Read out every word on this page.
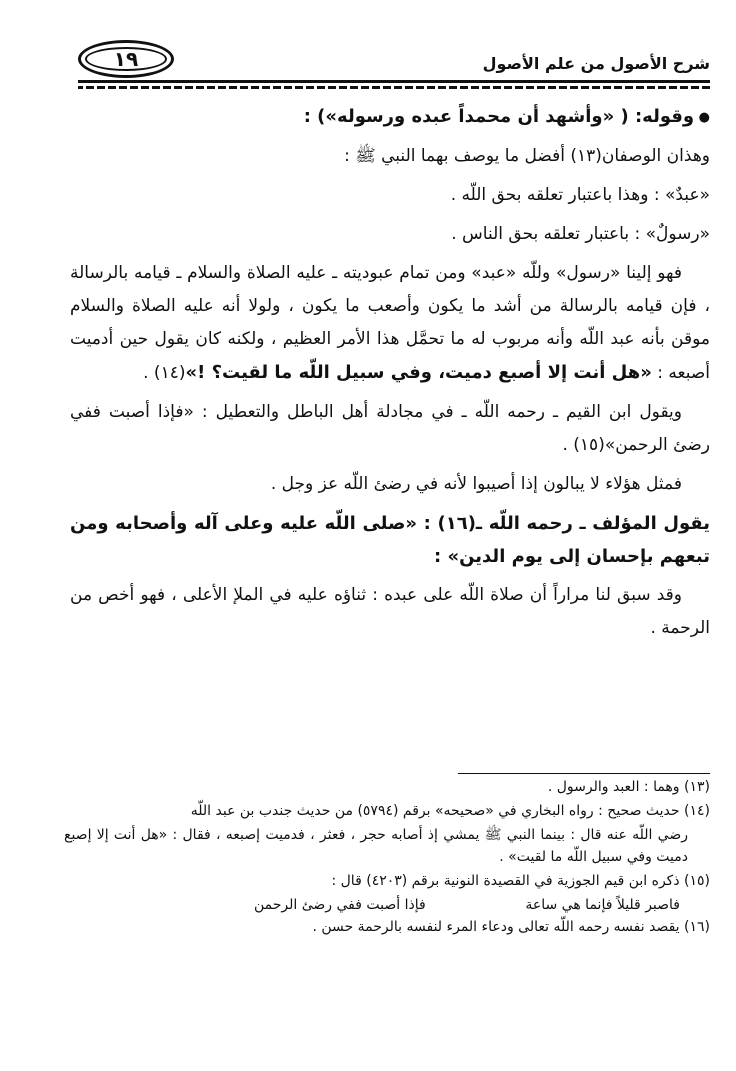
١٩	شرح الأصول من علم الأصول

● وقوله: ( «وأشهد أن محمداً عبده ورسوله») :

وهذان الوصفان(١٣) أفضل ما يوصف بهما النبي ﷺ :

«عبدٌ» : وهذا باعتبار تعلقه بحق اللّه .

«رسولٌ» : باعتبار تعلقه بحق الناس .

فهو إلينا «رسول» وللّه «عبد» ومن تمام عبوديته ـ عليه الصلاة والسلام ـ قيامه بالرسالة ، فإن قيامه بالرسالة من أشد ما يكون وأصعب ما يكون ، ولولا أنه عليه الصلاة والسلام موقن بأنه عبد اللّه وأنه مربوب له ما تحمَّل هذا الأمر العظيم ، ولكنه كان يقول حين أدميت أصبعه : «هل أنت إلا أصبع دميت، وفي سبيل اللّه ما لقيت؟ !»(١٤) .

ويقول ابن القيم ـ رحمه اللّه ـ في مجادلة أهل الباطل والتعطيل : «فإذا أصبت ففي رضئ الرحمن»(١٥) .

فمثل هؤلاء لا يبالون إذا أصيبوا لأنه في رضئ اللّه عز وجل .

يقول المؤلف ـ رحمه اللّه ـ(١٦) : «صلى اللّه عليه وعلى آله وأصحابه ومن تبعهم بإحسان إلى يوم الدين» :

وقد سبق لنا مراراً أن صلاة اللّه على عبده : ثناؤه عليه في الملإ الأعلى ، فهو أخص من الرحمة .

(١٣) وهما : العبد والرسول .

(١٤) حديث صحيح : رواه البخاري في «صحيحه» برقم (٥٧٩٤) من حديث جندب بن عبد اللّه

رضي اللّه عنه قال : بينما النبي ﷺ يمشي إذ أصابه حجر ، فعثر ، فدميت إصبعه ، فقال : «هل أنت إلا إصبع دميت وفي سبيل اللّه ما لقيت» .

(١٥) ذكره ابن قيم الجوزية في القصيدة النونية برقم (٤٢٠٣) قال :

فاصبر قليلاً فإنما هي ساعة
فإذا أصبت ففي رضئ الرحمن

(١٦) يقصد نفسه رحمه اللّه تعالى ودعاء المرء لنفسه بالرحمة حسن .
